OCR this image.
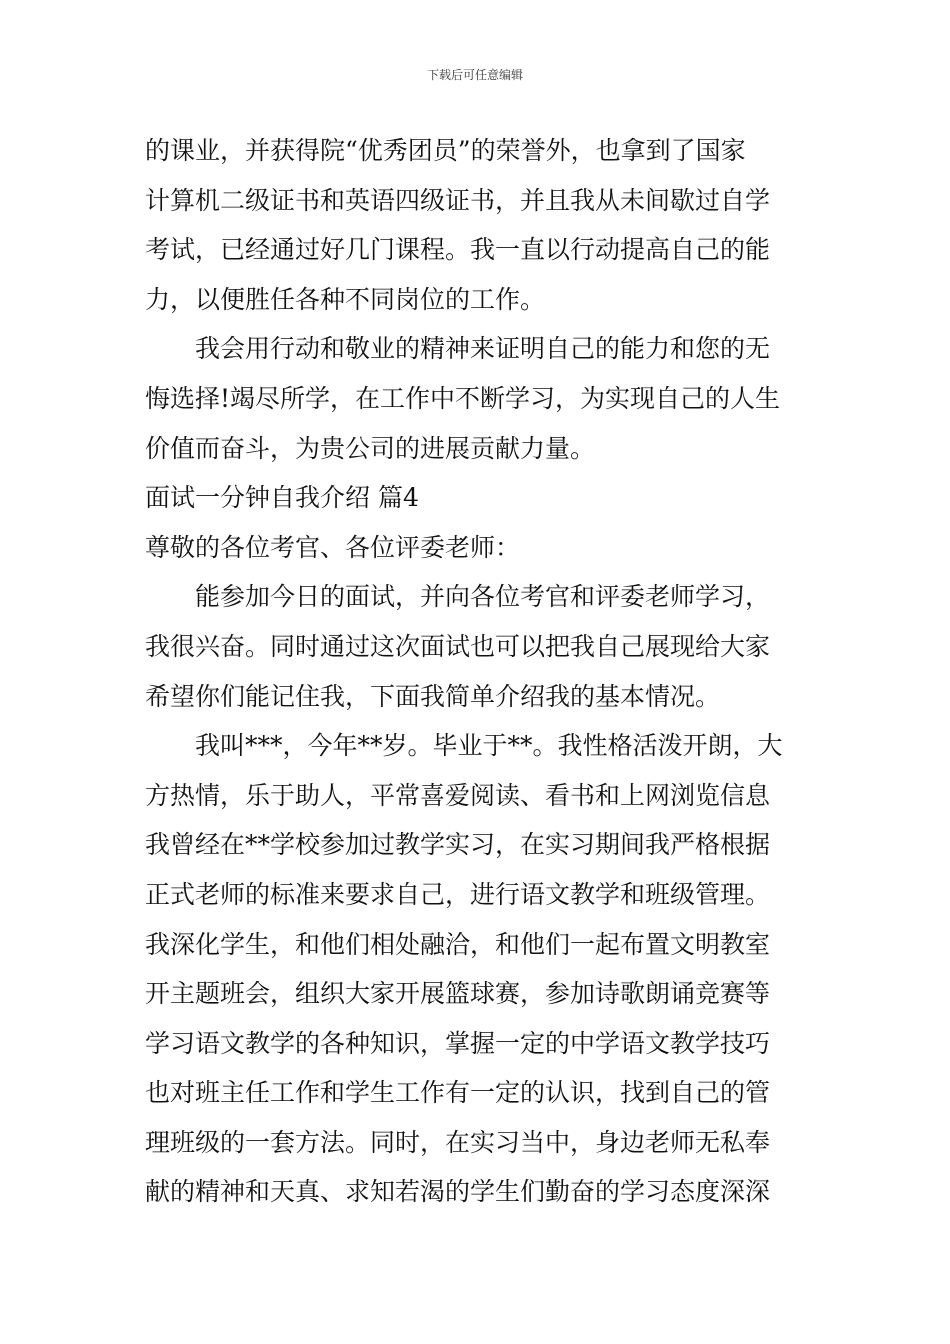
下载后可任意编辑
的课业，并获得院“优秀团员”的荣誉外，也拿到了国家
计算机二级证书和英语四级证书，并且我从未间歇过自学
考试，已经通过好几门课程。我一直以行动提高自己的能
力，以便胜任各种不同岗位的工作。
我会用行动和敬业的精神来证明自己的能力和您的无
悔选择!竭尽所学，在工作中不断学习，为实现自己的人生
价值而奋斗，为贵公司的进展贡献力量。
面试一分钟自我介绍 篇4
尊敬的各位考官、各位评委老师：
能参加今日的面试，并向各位考官和评委老师学习，
我很兴奋。同时通过这次面试也可以把我自己展现给大家
希望你们能记住我，下面我简单介绍我的基本情况。
我叫***，今年**岁。毕业于**。我性格活泼开朗，大
方热情，乐于助人，平常喜爱阅读、看书和上网浏览信息
我曾经在**学校参加过教学实习，在实习期间我严格根据
正式老师的标准来要求自己，进行语文教学和班级管理。
我深化学生，和他们相处融洽，和他们一起布置文明教室
开主题班会，组织大家开展篮球赛，参加诗歌朗诵竞赛等
学习语文教学的各种知识，掌握一定的中学语文教学技巧
也对班主任工作和学生工作有一定的认识，找到自己的管
理班级的一套方法。同时，在实习当中，身边老师无私奉
献的精神和天真、求知若渴的学生们勤奋的学习态度深深
